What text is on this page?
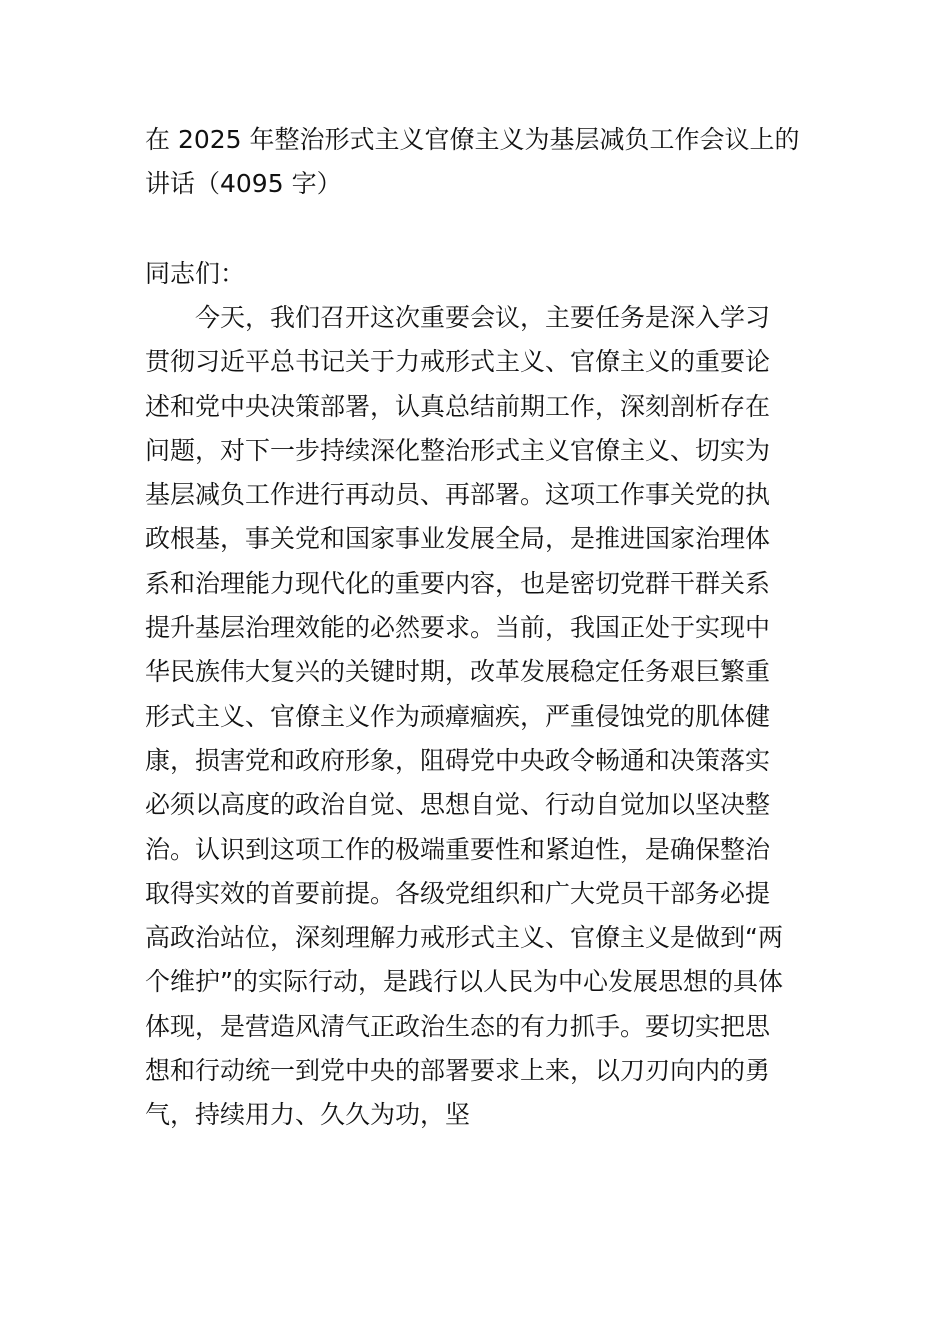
在 2025 年整治形式主义官僚主义为基层减负工作会议上的
讲话（4095 字）
同志们：
今天，我们召开这次重要会议，主要任务是深入学习
贯彻习近平总书记关于力戒形式主义、官僚主义的重要论
述和党中央决策部署，认真总结前期工作，深刻剖析存在
问题，对下一步持续深化整治形式主义官僚主义、切实为
基层减负工作进行再动员、再部署。这项工作事关党的执
政根基，事关党和国家事业发展全局，是推进国家治理体
系和治理能力现代化的重要内容，也是密切党群干群关系
提升基层治理效能的必然要求。当前，我国正处于实现中
华民族伟大复兴的关键时期，改革发展稳定任务艰巨繁重
形式主义、官僚主义作为顽瘴痼疾，严重侵蚀党的肌体健
康，损害党和政府形象，阻碍党中央政令畅通和决策落实
必须以高度的政治自觉、思想自觉、行动自觉加以坚决整
治。认识到这项工作的极端重要性和紧迫性，是确保整治
取得实效的首要前提。各级党组织和广大党员干部务必提
高政治站位，深刻理解力戒形式主义、官僚主义是做到“两
个维护”的实际行动，是践行以人民为中心发展思想的具体
体现，是营造风清气正政治生态的有力抓手。要切实把思
想和行动统一到党中央的部署要求上来，以刀刃向内的勇
气，持续用力、久久为功，坚
